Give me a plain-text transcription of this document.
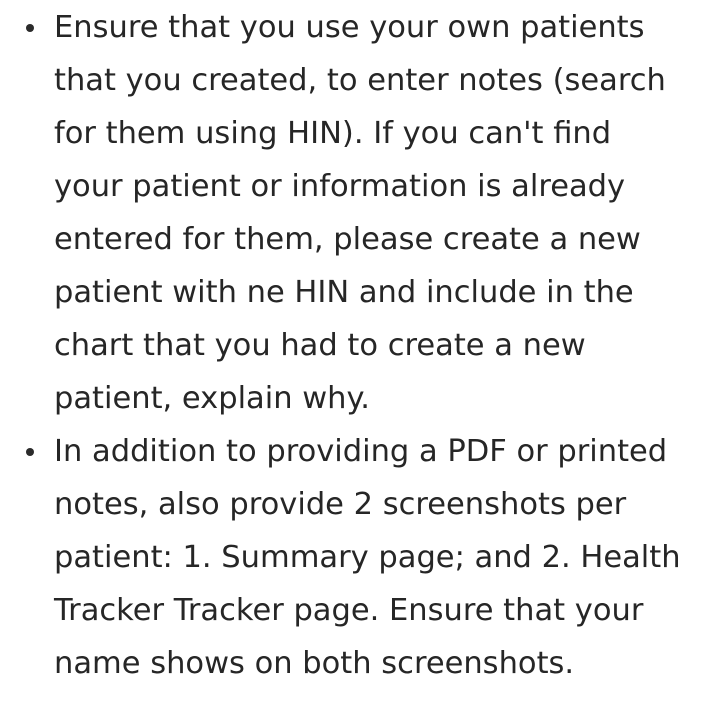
Ensure that you use your own patients
that you created, to enter notes (search
for them using HIN). If you can't find
your patient or information is already
entered for them, please create a new
patient with ne HIN and include in the
chart that you had to create a new
patient, explain why.
In addition to providing a PDF or printed
notes, also provide 2 screenshots per
patient: 1. Summary page; and 2. Health
Tracker Tracker page. Ensure that your
name shows on both screenshots.
